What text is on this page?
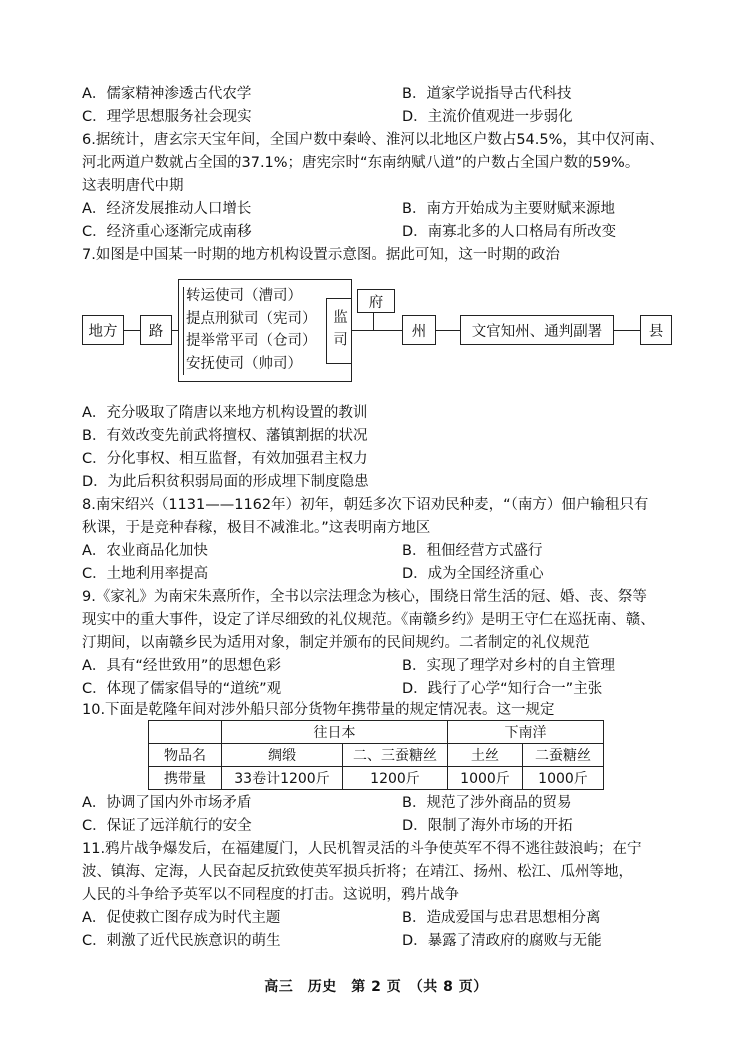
A．儒家精神渗透古代农学	B．道家学说指导古代科技
C．理学思想服务社会现实	D．主流价值观进一步弱化
6.据统计，唐玄宗天宝年间，全国户数中秦岭、淮河以北地区户数占54.5%，其中仅河南、
河北两道户数就占全国的37.1%；唐宪宗时“东南纳赋八道”的户数占全国户数的59%。
这表明唐代中期
A．经济发展推动人口增长	B．南方开始成为主要财赋来源地
C．经济重心逐渐完成南移	D．南寡北多的人口格局有所改变
7.如图是中国某一时期的地方机构设置示意图。据此可知，这一时期的政治
地方 路
转运使司（漕司）
提点刑狱司（宪司）
提举常平司（仓司）
安抚使司（帅司）
监司
府
州	文官知州、通判副署	县
A．充分吸取了隋唐以来地方机构设置的教训
B．有效改变先前武将擅权、藩镇割据的状况
C．分化事权、相互监督，有效加强君主权力
D．为此后积贫积弱局面的形成埋下制度隐患
8.南宋绍兴（1131——1162年）初年，朝廷多次下诏劝民种麦，“（南方）佃户输租只有
秋课，于是竞种春稼，极目不减淮北。”这表明南方地区
A．农业商品化加快	B．租佃经营方式盛行
C．土地利用率提高	D．成为全国经济重心
9.《家礼》为南宋朱熹所作，全书以宗法理念为核心，围绕日常生活的冠、婚、丧、祭等
现实中的重大事件，设定了详尽细致的礼仪规范。《南赣乡约》是明王守仁在巡抚南、赣、
汀期间，以南赣乡民为适用对象，制定并颁布的民间规约。二者制定的礼仪规范
A．具有“经世致用”的思想色彩	B．实现了理学对乡村的自主管理
C．体现了儒家倡导的“道统”观	D．践行了心学“知行合一”主张
10.下面是乾隆年间对涉外船只部分货物年携带量的规定情况表。这一规定
	往日本		下南洋	
物品名	绸缎	二、三蚕糖丝	土丝	二蚕糖丝
携带量	33卷计1200斤	1200斤	1000斤	1000斤
A．协调了国内外市场矛盾	B．规范了涉外商品的贸易
C．保证了远洋航行的安全	D．限制了海外市场的开拓
11.鸦片战争爆发后，在福建厦门，人民机智灵活的斗争使英军不得不逃往鼓浪屿；在宁
波、镇海、定海，人民奋起反抗致使英军损兵折将；在靖江、扬州、松江、瓜州等地，
人民的斗争给予英军以不同程度的打击。这说明，鸦片战争
A．促使救亡图存成为时代主题	B．造成爱国与忠君思想相分离
C．刺激了近代民族意识的萌生	D．暴露了清政府的腐败与无能
高三　历史　第 2 页　（共 8 页）
